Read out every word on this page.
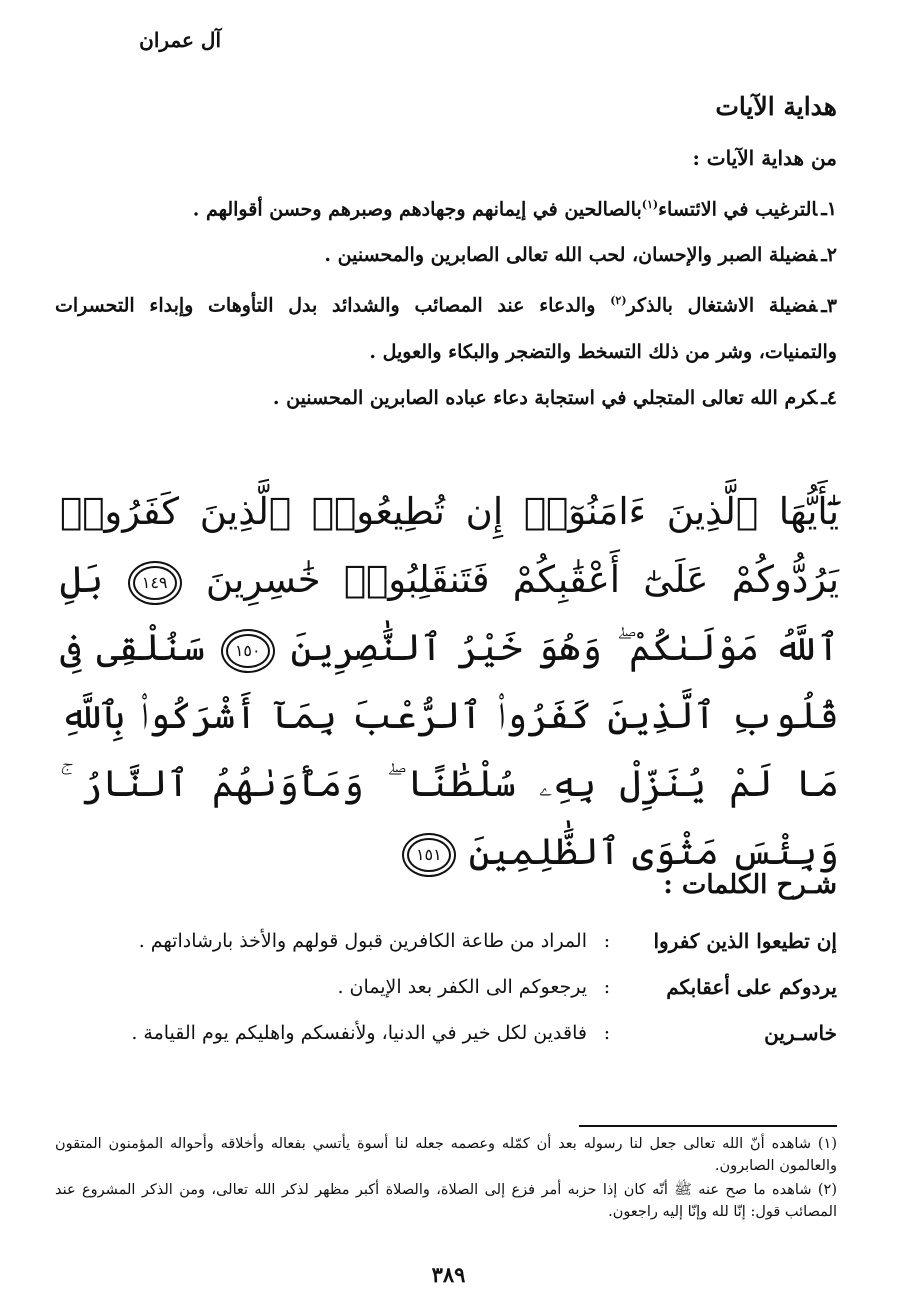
آل عمران
هداية الآيات
من هداية الآيات :
١ـالترغيب في الائتساء$^{(١)}$بالصالحين في إيمانهم وجهادهم وصبرهم وحسن أقوالهم .
٢ـفضيلة الصبر والإحسان، لحب الله تعالى الصابرين والمحسنين .
٣ـفضيلة الاشتغال بالذكر$^{(٢)}$ والدعاء عند المصائب والشدائد بدل التأوهات وإبداء التحسرات والتمنيات، وشر من ذلك التسخط والتضجر والبكاء والعويل .
٤ـكرم الله تعالى المتجلي في استجابة دعاء عباده الصابرين المحسنين .
يَٰٓأَيُّهَا ٱلَّذِينَ ءَامَنُوٓا۟ إِن تُطِيعُوا۟ ٱلَّذِينَ كَفَرُوا۟ يَرُدُّوكُمْ عَلَىٰٓ أَعْقَٰبِكُمْ فَتَنقَلِبُوا۟ خَٰسِرِينَ ١٤٩ بَلِ ٱللَّهُ مَوْلَىٰكُمْ ۖ وَهُوَ خَيْرُ ٱلنَّٰصِرِينَ ١٥٠ سَنُلْقِى فِى قُلُوبِ ٱلَّذِينَ كَفَرُوا۟ ٱلرُّعْبَ بِمَآ أَشْرَكُوا۟ بِٱللَّهِ مَا لَمْ يُنَزِّلْ بِهِۦ سُلْطَٰنًا ۖ وَمَأْوَىٰهُمُ ٱلنَّارُ ۚ وَبِئْسَ مَثْوَى ٱلظَّٰلِمِينَ ١٥١
شـرح الكلمات :
إن تطيعوا الذين كفروا
:
المراد من طاعة الكافرين قبول قولهم والأخذ بارشاداتهم .
يردوكم على أعقابكم
:
يرجعوكم الى الكفر بعد الإيمان .
خاسـرين
:
فاقدين لكل خير في الدنيا، ولأنفسكم واهليكم يوم القيامة .

(١) شاهده أنّ الله تعالى جعل لنا رسوله بعد أن كمّله وعصمه جعله لنا أسوة يأتسي بفعاله وأخلاقه وأحواله المؤمنون المتقون والعالمون الصابرون.

(٢) شاهده ما صح عنه ﷺ أنّه كان إذا حزبه أمر فزع إلى الصلاة، والصلاة أكبر مظهر لذكر الله تعالى، ومن الذكر المشروع عند المصائب قول: إنّا لله وإنّا إليه راجعون.

٣٨٩
